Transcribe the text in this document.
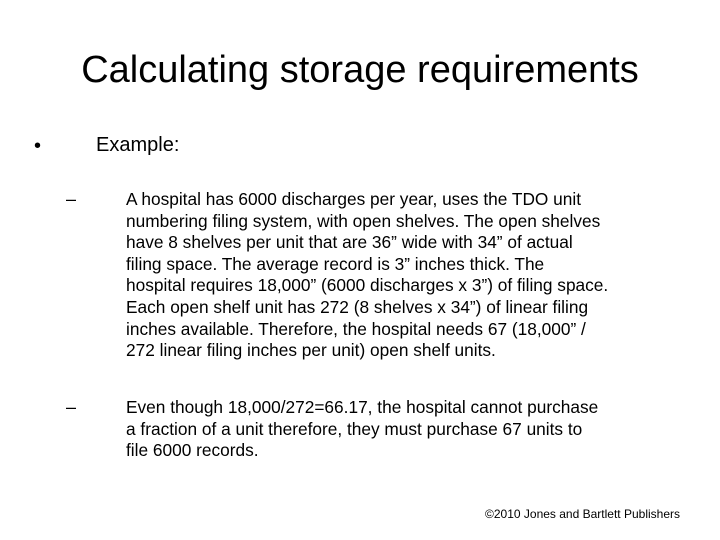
Calculating storage requirements
•	Example:
–	A hospital has 6000 discharges per year, uses the TDO unit
numbering filing system, with open shelves. The open shelves
have 8 shelves per unit that are 36” wide with 34” of actual
filing space. The average record is 3” inches thick. The
hospital requires 18,000” (6000 discharges x 3”) of filing space.
Each open shelf unit has 272 (8 shelves x 34”) of linear filing
inches available. Therefore, the hospital needs 67 (18,000” /
272 linear filing inches per unit) open shelf units.
–	Even though 18,000/272=66.17, the hospital cannot purchase
a fraction of a unit therefore, they must purchase 67 units to
file 6000 records.
©2010 Jones and Bartlett Publishers
